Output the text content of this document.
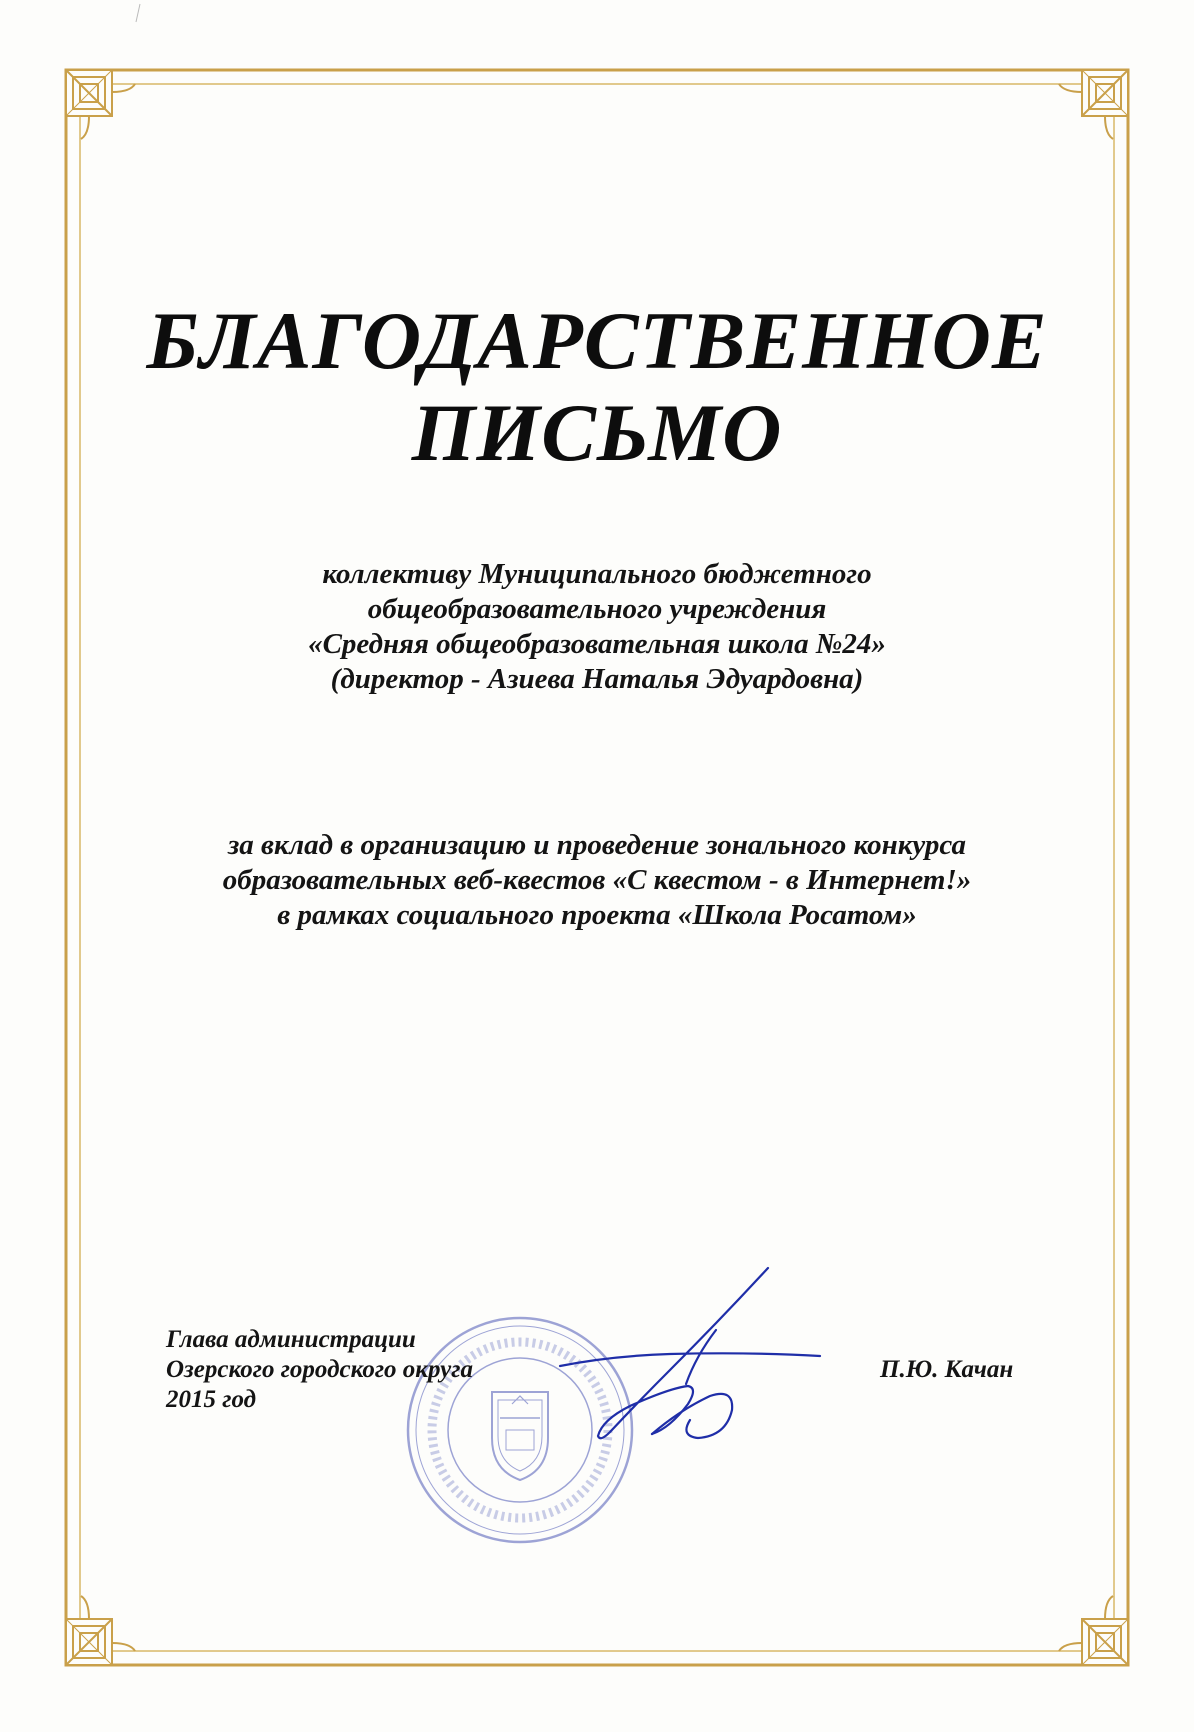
БЛАГОДАРСТВЕННОЕ
ПИСЬМО
коллективу Муниципального бюджетного
общеобразовательного учреждения
«Средняя общеобразовательная школа №24»
(директор - Азиева Наталья Эдуардовна)
за вклад в организацию и проведение зонального конкурса
образовательных веб-квестов «С квестом - в Интернет!»
в рамках социального проекта «Школа Росатом»
Глава администрации
Озерского городского округа
2015 год
П.Ю. Качан
